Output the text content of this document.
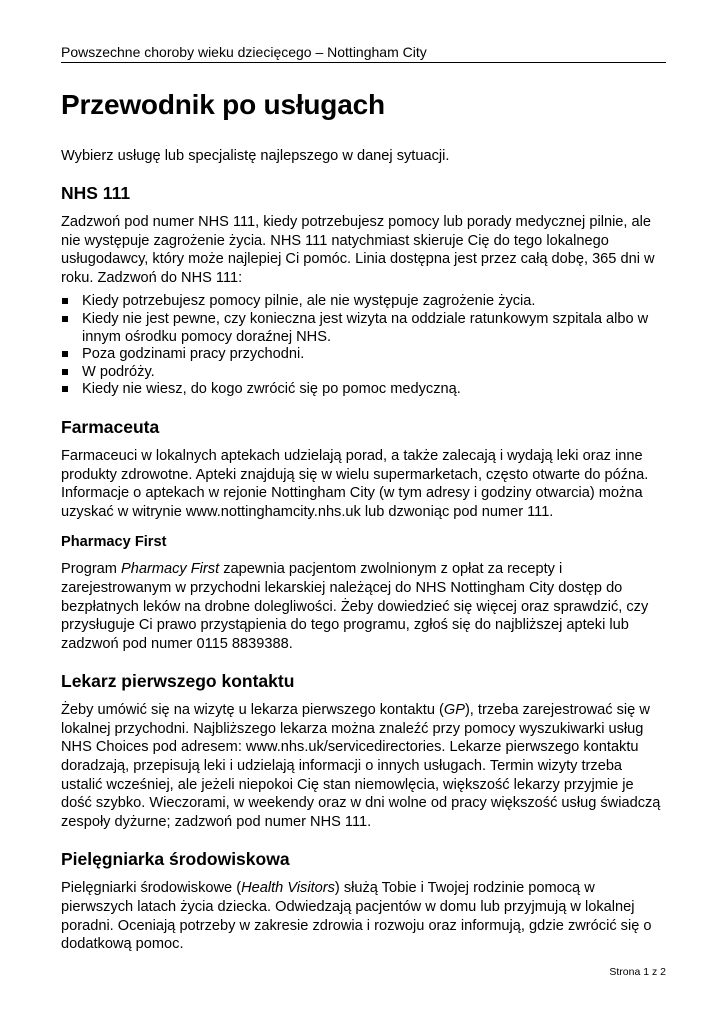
Powszechne choroby wieku dziecięcego – Nottingham City
Przewodnik po usługach

Wybierz usługę lub specjalistę najlepszego w danej sytuacji.

NHS 111

Zadzwoń pod numer NHS 111, kiedy potrzebujesz pomocy lub porady medycznej pilnie, ale nie występuje zagrożenie życia. NHS 111 natychmiast skieruje Cię do tego lokalnego usługodawcy, który może najlepiej Ci pomóc. Linia dostępna jest przez całą dobę, 365 dni w roku. Zadzwoń do NHS 111:

Kiedy potrzebujesz pomocy pilnie, ale nie występuje zagrożenie życia.
Kiedy nie jest pewne, czy konieczna jest wizyta na oddziale ratunkowym szpitala albo w innym ośrodku pomocy doraźnej NHS.
Poza godzinami pracy przychodni.
W podróży.
Kiedy nie wiesz, do kogo zwrócić się po pomoc medyczną.
Farmaceuta

Farmaceuci w lokalnych aptekach udzielają porad, a także zalecają i wydają leki oraz inne produkty zdrowotne. Apteki znajdują się w wielu supermarketach, często otwarte do późna. Informacje o aptekach w rejonie Nottingham City (w tym adresy i godziny otwarcia) można uzyskać w witrynie www.nottinghamcity.nhs.uk lub dzwoniąc pod numer 111.

Pharmacy First

Program Pharmacy First zapewnia pacjentom zwolnionym z opłat za recepty i zarejestrowanym w przychodni lekarskiej należącej do NHS Nottingham City dostęp do bezpłatnych leków na drobne dolegliwości. Żeby dowiedzieć się więcej oraz sprawdzić, czy przysługuje Ci prawo przystąpienia do tego programu, zgłoś się do najbliższej apteki lub zadzwoń pod numer 0115 8839388.

Lekarz pierwszego kontaktu

Żeby umówić się na wizytę u lekarza pierwszego kontaktu (GP), trzeba zarejestrować się w lokalnej przychodni. Najbliższego lekarza można znaleźć przy pomocy wyszukiwarki usług NHS Choices pod adresem: www.nhs.uk/servicedirectories. Lekarze pierwszego kontaktu doradzają, przepisują leki i udzielają informacji o innych usługach. Termin wizyty trzeba ustalić wcześniej, ale jeżeli niepokoi Cię stan niemowlęcia, większość lekarzy przyjmie je dość szybko. Wieczorami, w weekendy oraz w dni wolne od pracy większość usług świadczą zespoły dyżurne; zadzwoń pod numer NHS 111.

Pielęgniarka środowiskowa

Pielęgniarki środowiskowe (Health Visitors) służą Tobie i Twojej rodzinie pomocą w pierwszych latach życia dziecka. Odwiedzają pacjentów w domu lub przyjmują w lokalnej poradni. Oceniają potrzeby w zakresie zdrowia i rozwoju oraz informują, gdzie zwrócić się o dodatkową pomoc.

Strona 1 z 2
